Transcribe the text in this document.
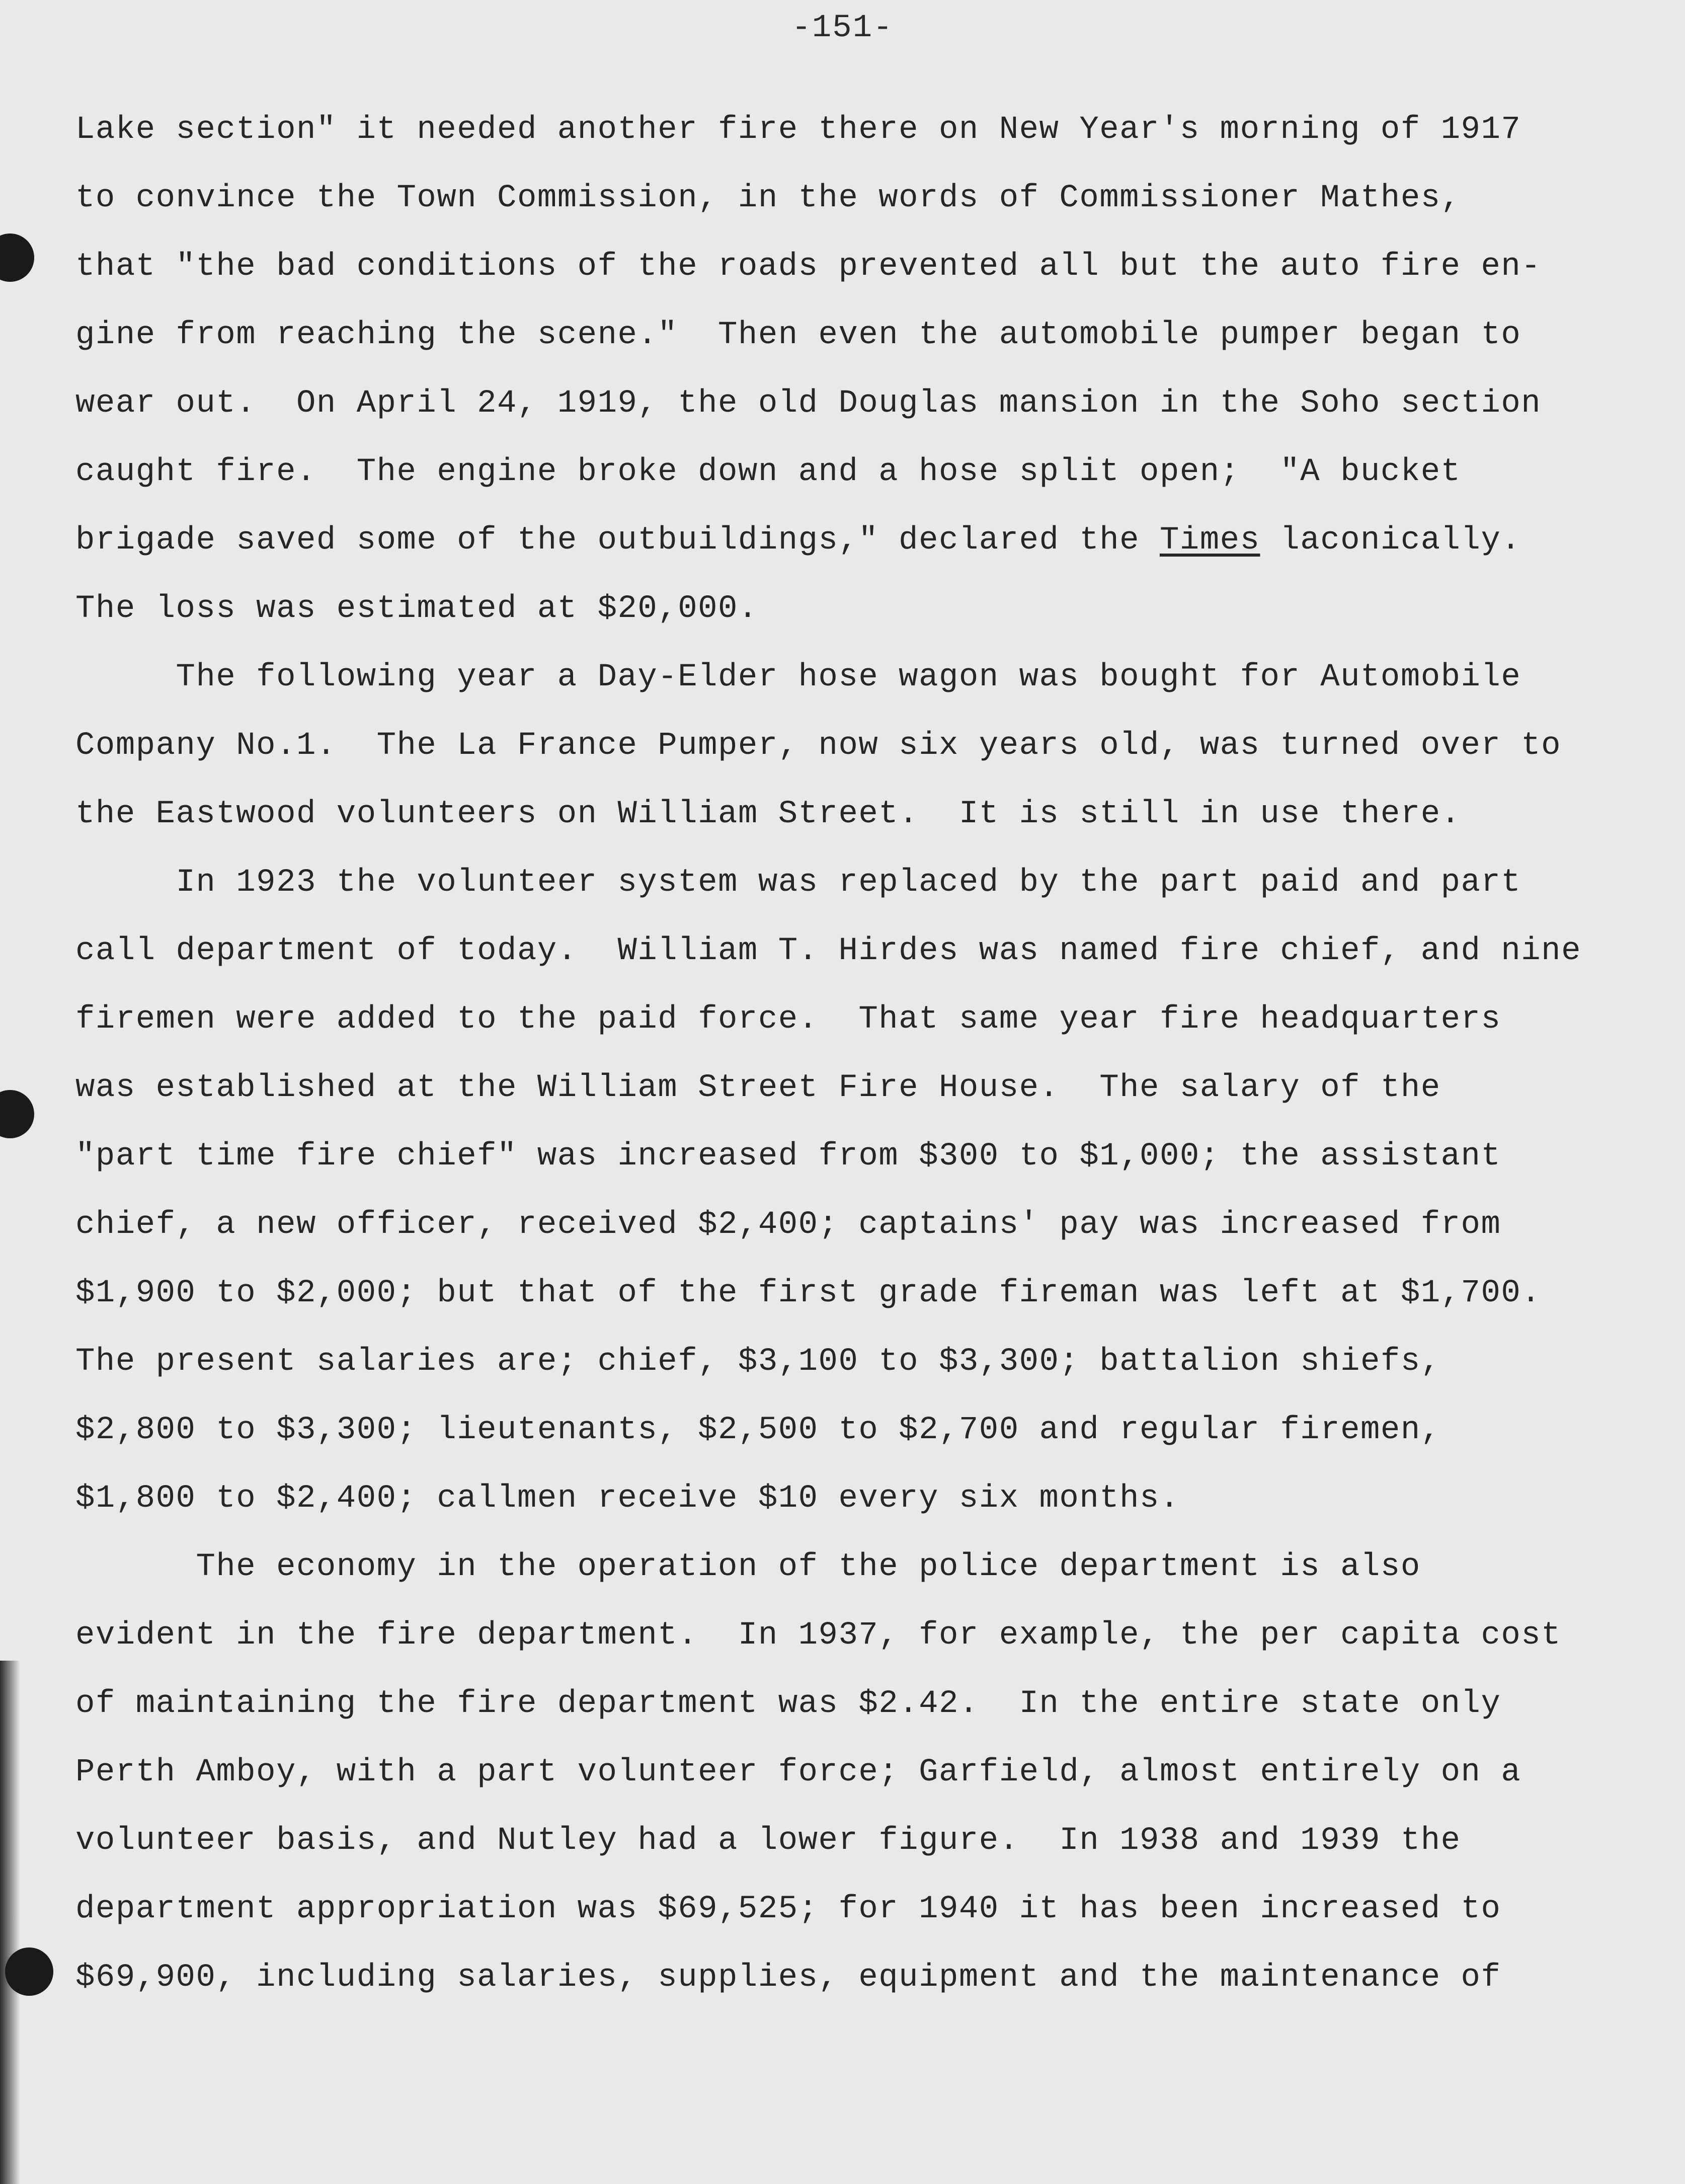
-151-
Lake section" it needed another fire there on New Year's morning of 1917
to convince the Town Commission, in the words of Commissioner Mathes,
that "the bad conditions of the roads prevented all but the auto fire en-
gine from reaching the scene."  Then even the automobile pumper began to
wear out.  On April 24, 1919, the old Douglas mansion in the Soho section
caught fire.  The engine broke down and a hose split open;  "A bucket
brigade saved some of the outbuildings," declared the Times laconically.
The loss was estimated at $20,000.
The following year a Day-Elder hose wagon was bought for Automobile
Company No.1.  The La France Pumper, now six years old, was turned over to
the Eastwood volunteers on William Street.  It is still in use there.
In 1923 the volunteer system was replaced by the part paid and part
call department of today.  William T. Hirdes was named fire chief, and nine
firemen were added to the paid force.  That same year fire headquarters
was established at the William Street Fire House.  The salary of the
"part time fire chief" was increased from $300 to $1,000; the assistant
chief, a new officer, received $2,400; captains' pay was increased from
$1,900 to $2,000; but that of the first grade fireman was left at $1,700.
The present salaries are; chief, $3,100 to $3,300; battalion shiefs,
$2,800 to $3,300; lieutenants, $2,500 to $2,700 and regular firemen,
$1,800 to $2,400; callmen receive $10 every six months.
The economy in the operation of the police department is also
evident in the fire department.  In 1937, for example, the per capita cost
of maintaining the fire department was $2.42.  In the entire state only
Perth Amboy, with a part volunteer force; Garfield, almost entirely on a
volunteer basis, and Nutley had a lower figure.  In 1938 and 1939 the
department appropriation was $69,525; for 1940 it has been increased to
$69,900, including salaries, supplies, equipment and the maintenance of
